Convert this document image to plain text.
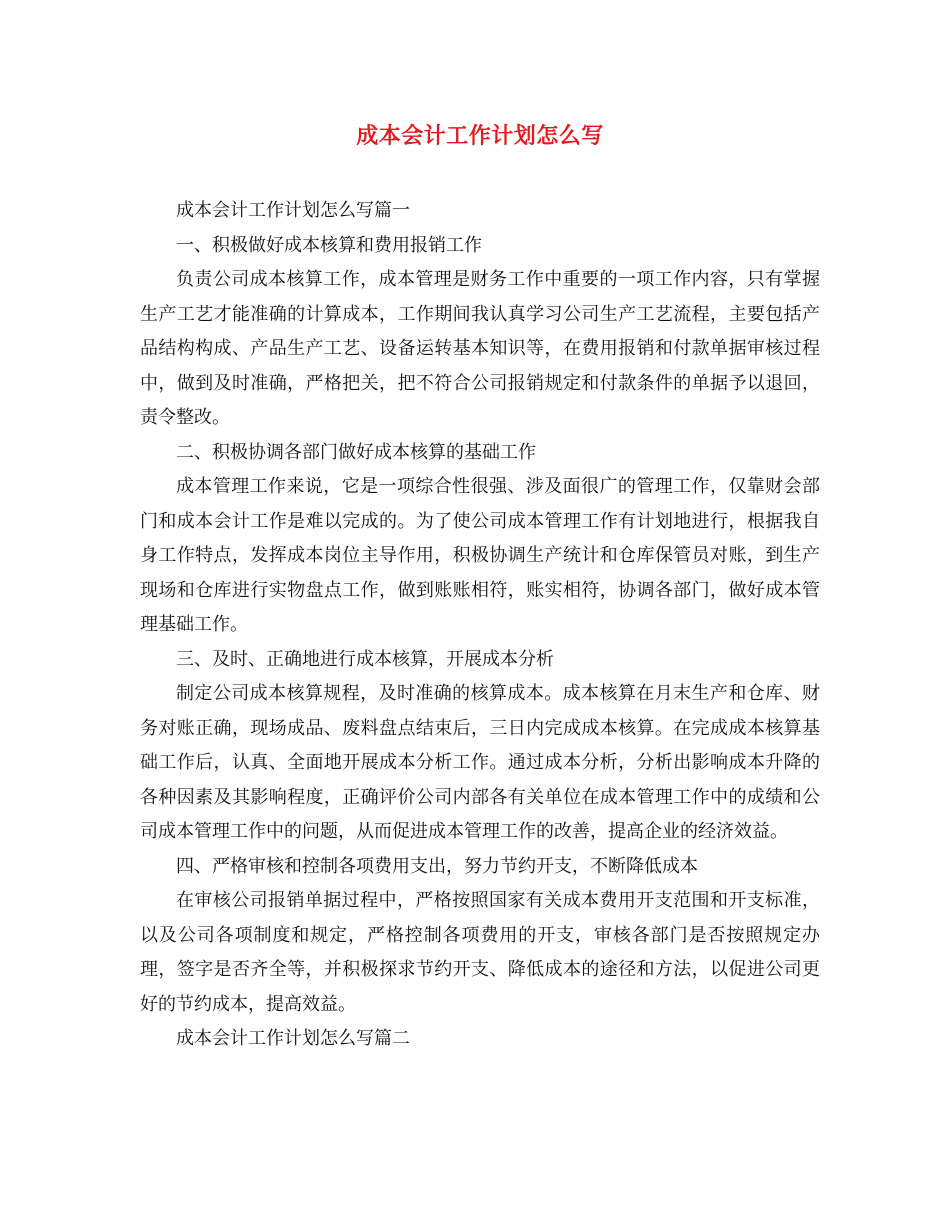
成本会计工作计划怎么写

成本会计工作计划怎么写篇一

一、积极做好成本核算和费用报销工作

负责公司成本核算工作，成本管理是财务工作中重要的一项工作内容，只有掌握生产工艺才能准确的计算成本，工作期间我认真学习公司生产工艺流程，主要包括产品结构构成、产品生产工艺、设备运转基本知识等，在费用报销和付款单据审核过程中，做到及时准确，严格把关，把不符合公司报销规定和付款条件的单据予以退回，责令整改。

二、积极协调各部门做好成本核算的基础工作

成本管理工作来说，它是一项综合性很强、涉及面很广的管理工作，仅靠财会部门和成本会计工作是难以完成的。为了使公司成本管理工作有计划地进行，根据我自身工作特点，发挥成本岗位主导作用，积极协调生产统计和仓库保管员对账，到生产现场和仓库进行实物盘点工作，做到账账相符，账实相符，协调各部门，做好成本管理基础工作。

三、及时、正确地进行成本核算，开展成本分析

制定公司成本核算规程，及时准确的核算成本。成本核算在月末生产和仓库、财务对账正确，现场成品、废料盘点结束后，三日内完成成本核算。在完成成本核算基础工作后，认真、全面地开展成本分析工作。通过成本分析，分析出影响成本升降的各种因素及其影响程度，正确评价公司内部各有关单位在成本管理工作中的成绩和公司成本管理工作中的问题，从而促进成本管理工作的改善，提高企业的经济效益。

四、严格审核和控制各项费用支出，努力节约开支，不断降低成本

在审核公司报销单据过程中，严格按照国家有关成本费用开支范围和开支标准，以及公司各项制度和规定，严格控制各项费用的开支，审核各部门是否按照规定办理，签字是否齐全等，并积极探求节约开支、降低成本的途径和方法，以促进公司更好的节约成本，提高效益。

成本会计工作计划怎么写篇二
